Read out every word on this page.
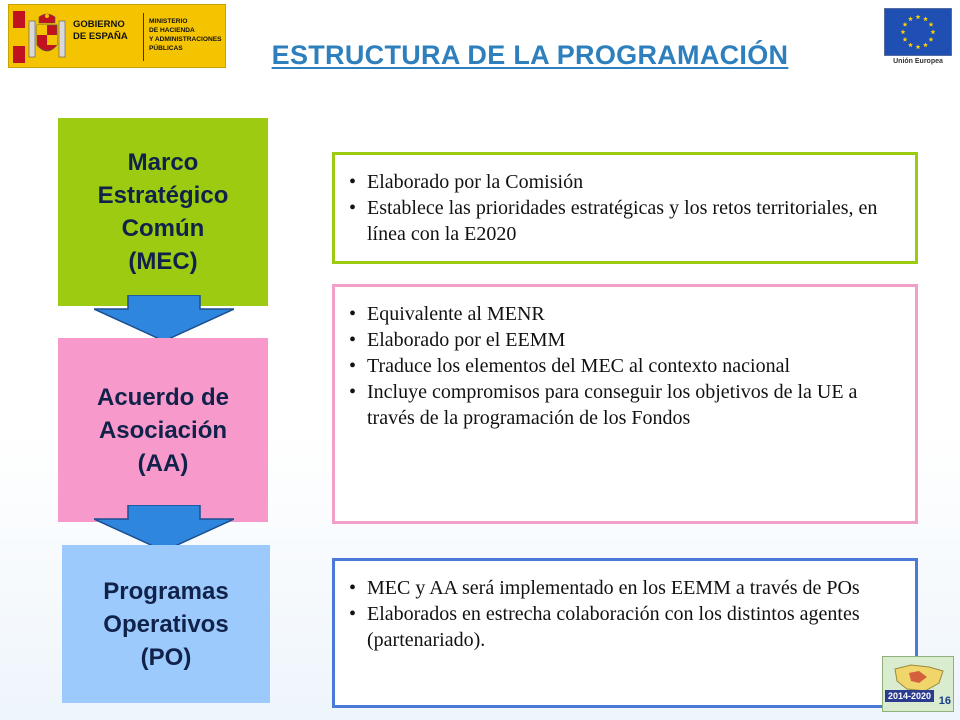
GOBIERNO
DE ESPAÑA
MINISTERIO
DE HACIENDA
Y ADMINISTRACIONES
PÚBLICAS	ESTRUCTURA DE LA PROGRAMACIÓN	Unión Europea
Marco
Estratégico
Común
(MEC)
Acuerdo de
Asociación
(AA)
Programas
Operativos
(PO)
• Elaborado por la Comisión
• Establece las prioridades estratégicas y los retos territoriales, en línea con la E2020
• Equivalente al MENR
• Elaborado por el EEMM
• Traduce los elementos del MEC al contexto nacional
• Incluye compromisos para conseguir los objetivos de la UE a través de la programación de los Fondos
• MEC y AA será implementado en los EEMM a través de POs
• Elaborados en estrecha colaboración con los distintos agentes (partenariado).
2014-2020 16
